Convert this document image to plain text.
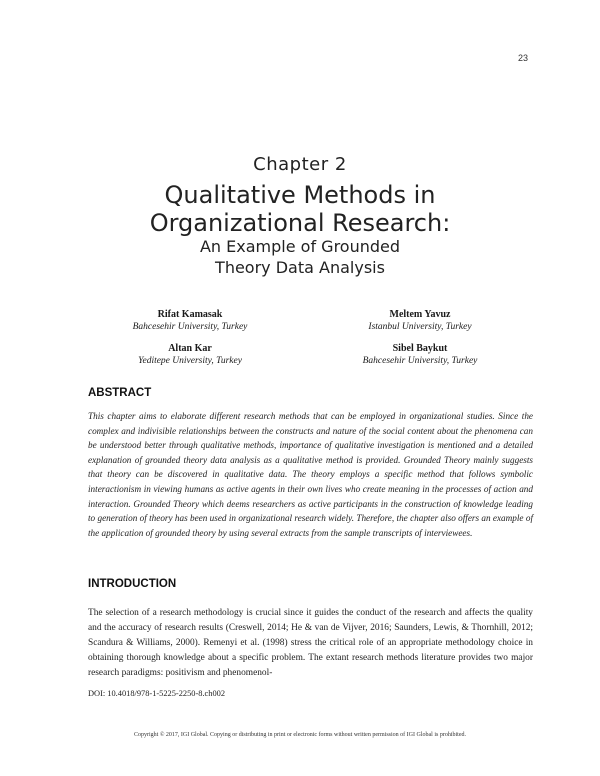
23
Chapter 2
Qualitative Methods in
Organizational Research:
An Example of Grounded
Theory Data Analysis
Rifat Kamasak
Bahcesehir University, Turkey
Meltem Yavuz
Istanbul University, Turkey
Altan Kar
Yeditepe University, Turkey
Sibel Baykut
Bahcesehir University, Turkey
ABSTRACT
This chapter aims to elaborate different research methods that can be employed in organizational studies. Since the complex and indivisible relationships between the constructs and nature of the social content about the phenomena can be understood better through qualitative methods, importance of qualitative investigation is mentioned and a detailed explanation of grounded theory data analysis as a qualitative method is provided. Grounded Theory mainly suggests that theory can be discovered in qualitative data. The theory employs a specific method that follows symbolic interactionism in viewing humans as active agents in their own lives who create meaning in the processes of action and interaction. Grounded Theory which deems researchers as active participants in the construction of knowledge leading to generation of theory has been used in organizational research widely. Therefore, the chapter also offers an example of the application of grounded theory by using several extracts from the sample transcripts of interviewees.
INTRODUCTION
The selection of a research methodology is crucial since it guides the conduct of the research and affects the quality and the accuracy of research results (Creswell, 2014; He & van de Vijver, 2016; Saunders, Lewis, & Thornhill, 2012; Scandura & Williams, 2000). Remenyi et al. (1998) stress the critical role of an appropriate methodology choice in obtaining thorough knowledge about a specific problem. The extant research methods literature provides two major research paradigms: positivism and phenomenol-
DOI: 10.4018/978-1-5225-2250-8.ch002
Copyright © 2017, IGI Global. Copying or distributing in print or electronic forms without written permission of IGI Global is prohibited.
